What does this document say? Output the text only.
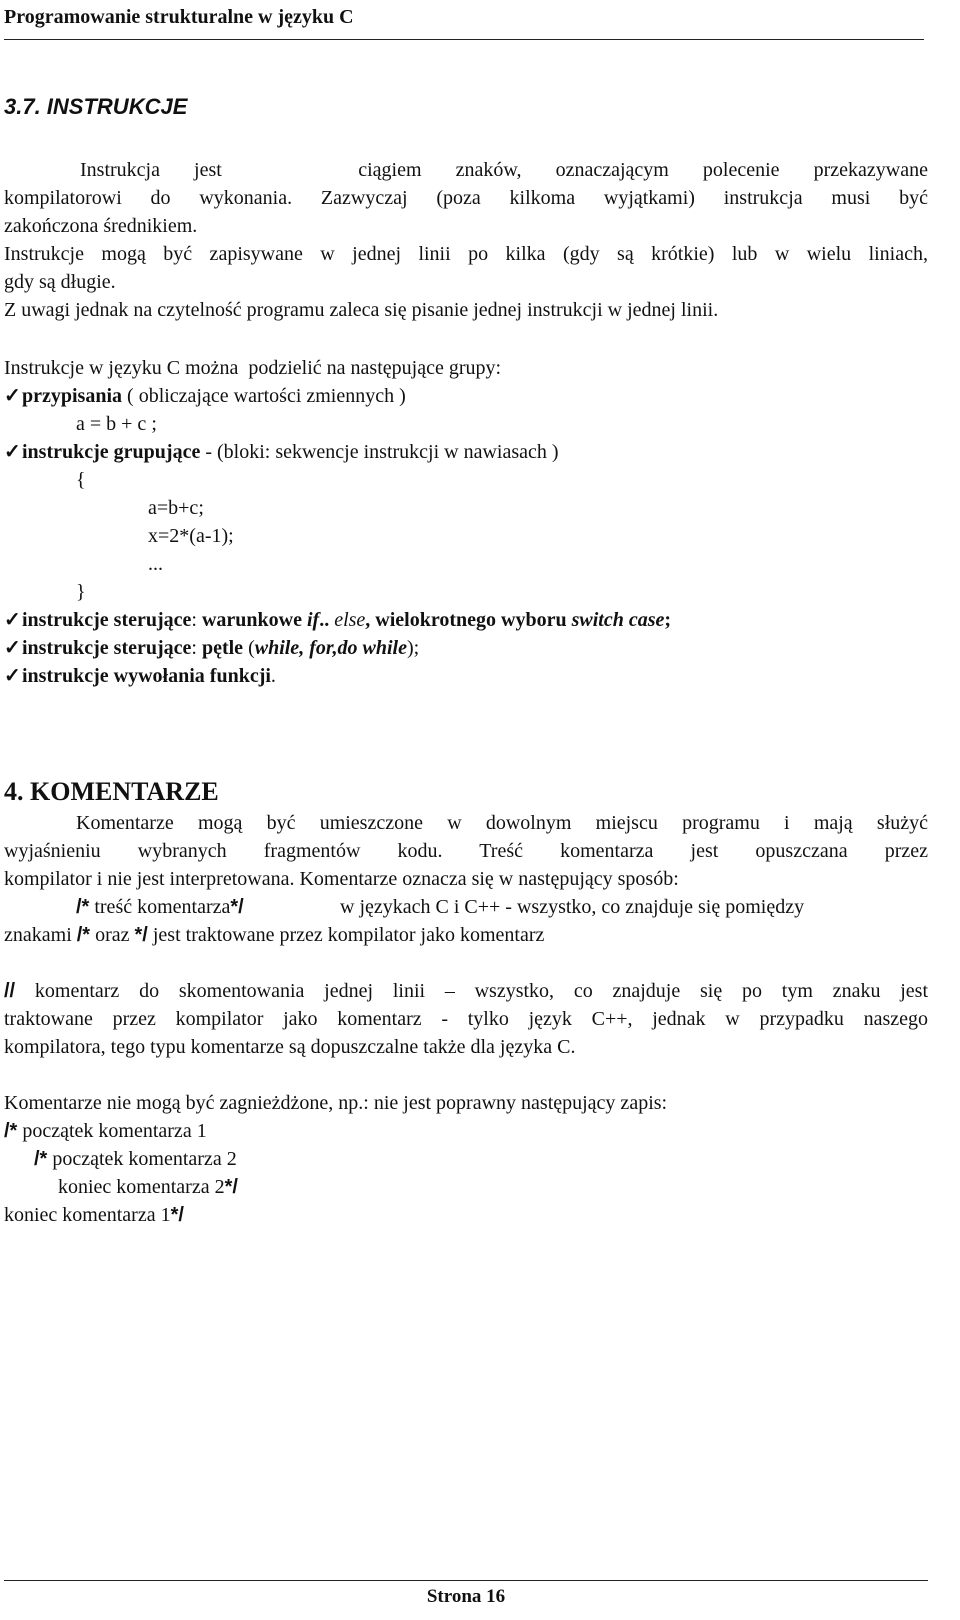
Programowanie strukturalne w języku C
3.7. INSTRUKCJE
Instrukcja jest    ciągiem znaków, oznaczającym polecenie przekazywane
kompilatorowi do wykonania. Zazwyczaj (poza kilkoma wyjątkami) instrukcja musi być
zakończona średnikiem.
Instrukcje mogą być zapisywane w jednej linii po kilka (gdy są krótkie) lub w wielu liniach,
gdy są długie.
Z uwagi jednak na czytelność programu zaleca się pisanie jednej instrukcji w jednej linii.
Instrukcje w języku C można  podzielić na następujące grupy:
✓przypisania ( obliczające wartości zmiennych )
a = b + c ;
✓instrukcje grupujące - (bloki: sekwencje instrukcji w nawiasach )
{
a=b+c;
x=2*(a-1);
...
}
✓instrukcje sterujące: warunkowe if.. else, wielokrotnego wyboru switch case;
✓instrukcje sterujące: pętle (while, for,do while);
✓instrukcje wywołania funkcji.
4. KOMENTARZE
Komentarze mogą być umieszczone w dowolnym miejscu programu i mają służyć
wyjaśnieniu wybranych fragmentów kodu. Treść komentarza jest opuszczana przez
kompilator i nie jest interpretowana. Komentarze oznacza się w następujący sposób:
/* treść komentarza*/	w językach C i C++ - wszystko, co znajduje się pomiędzy
znakami /* oraz */ jest traktowane przez kompilator jako komentarz
// komentarz do skomentowania jednej linii – wszystko, co znajduje się po tym znaku jest
traktowane przez kompilator jako komentarz - tylko język C++, jednak w przypadku naszego
kompilatora, tego typu komentarze są dopuszczalne także dla języka C.
Komentarze nie mogą być zagnieżdżone, np.: nie jest poprawny następujący zapis:
/* początek komentarza 1
/* początek komentarza 2
koniec komentarza 2*/
koniec komentarza 1*/
Strona 16
